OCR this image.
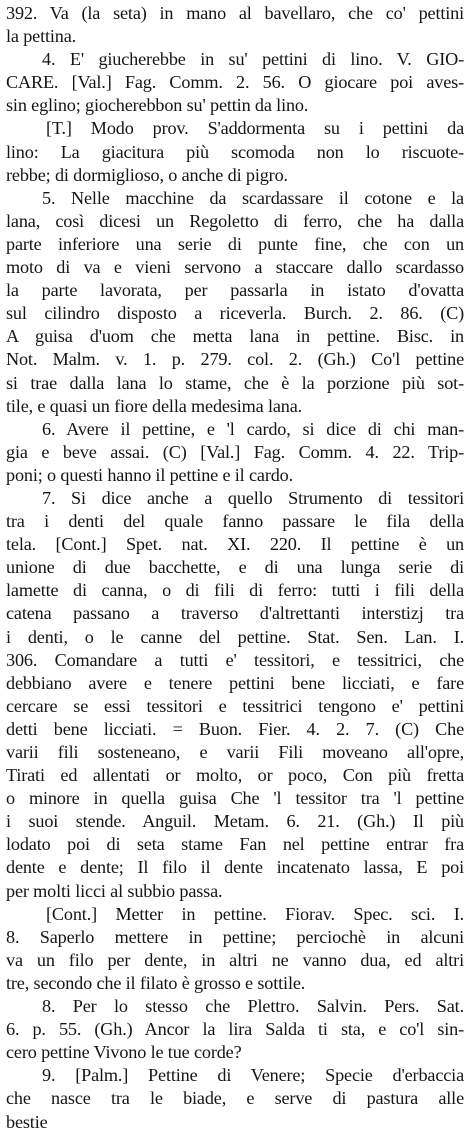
392. Va (la seta) in mano al bavellaro, che co' pettini
la pettina.
4. E' giucherebbe in su' pettini di lino. V. GIO-
CARE. [Val.] Fag. Comm. 2. 56. O giocare poi aves-
sin eglino; giocherebbon su' pettin da lino.
[T.] Modo prov. S'addormenta su i pettini da
lino: La giacitura più scomoda non lo riscuote-
rebbe; di dormiglioso, o anche di pigro.
5. Nelle macchine da scardassare il cotone e la
lana, così dicesi un Regoletto di ferro, che ha dalla
parte inferiore una serie di punte fine, che con un
moto di va e vieni servono a staccare dallo scardasso
la parte lavorata, per passarla in istato d'ovatta
sul cilindro disposto a riceverla. Burch. 2. 86. (C)
A guisa d'uom che metta lana in pettine. Bisc. in
Not. Malm. v. 1. p. 279. col. 2. (Gh.) Co'l pettine
si trae dalla lana lo stame, che è la porzione più sot-
tile, e quasi un fiore della medesima lana.
6. Avere il pettine, e 'l cardo, si dice di chi man-
gia e beve assai. (C) [Val.] Fag. Comm. 4. 22. Trip-
poni; o questi hanno il pettine e il cardo.
7. Si dice anche a quello Strumento di tessitori
tra i denti del quale fanno passare le fila della
tela. [Cont.] Spet. nat. XI. 220. Il pettine è un
unione di due bacchette, e di una lunga serie di
lamette di canna, o di fili di ferro: tutti i fili della
catena passano a traverso d'altrettanti interstizj tra
i denti, o le canne del pettine. Stat. Sen. Lan. I.
306. Comandare a tutti e' tessitori, e tessitrici, che
debbiano avere e tenere pettini bene licciati, e fare
cercare se essi tessitori e tessitrici tengono e' pettini
detti bene licciati. = Buon. Fier. 4. 2. 7. (C) Che
varii fili sosteneano, e varii Fili moveano all'opre,
Tirati ed allentati or molto, or poco, Con più fretta
o minore in quella guisa Che 'l tessitor tra 'l pettine
i suoi stende. Anguil. Metam. 6. 21. (Gh.) Il più
lodato poi di seta stame Fan nel pettine entrar fra
dente e dente; Il filo il dente incatenato lassa, E poi
per molti licci al subbio passa.
[Cont.] Metter in pettine. Fiorav. Spec. sci. I.
8. Saperlo mettere in pettine; perciochè in alcuni
va un filo per dente, in altri ne vanno dua, ed altri
tre, secondo che il filato è grosso e sottile.
8. Per lo stesso che Plettro. Salvin. Pers. Sat.
6. p. 55. (Gh.) Ancor la lira Salda ti sta, e co'l sin-
cero pettine Vivono le tue corde?
9. [Palm.] Pettine di Venere; Specie d'erbaccia
che nasce tra le biade, e serve di pastura alle
bestie
